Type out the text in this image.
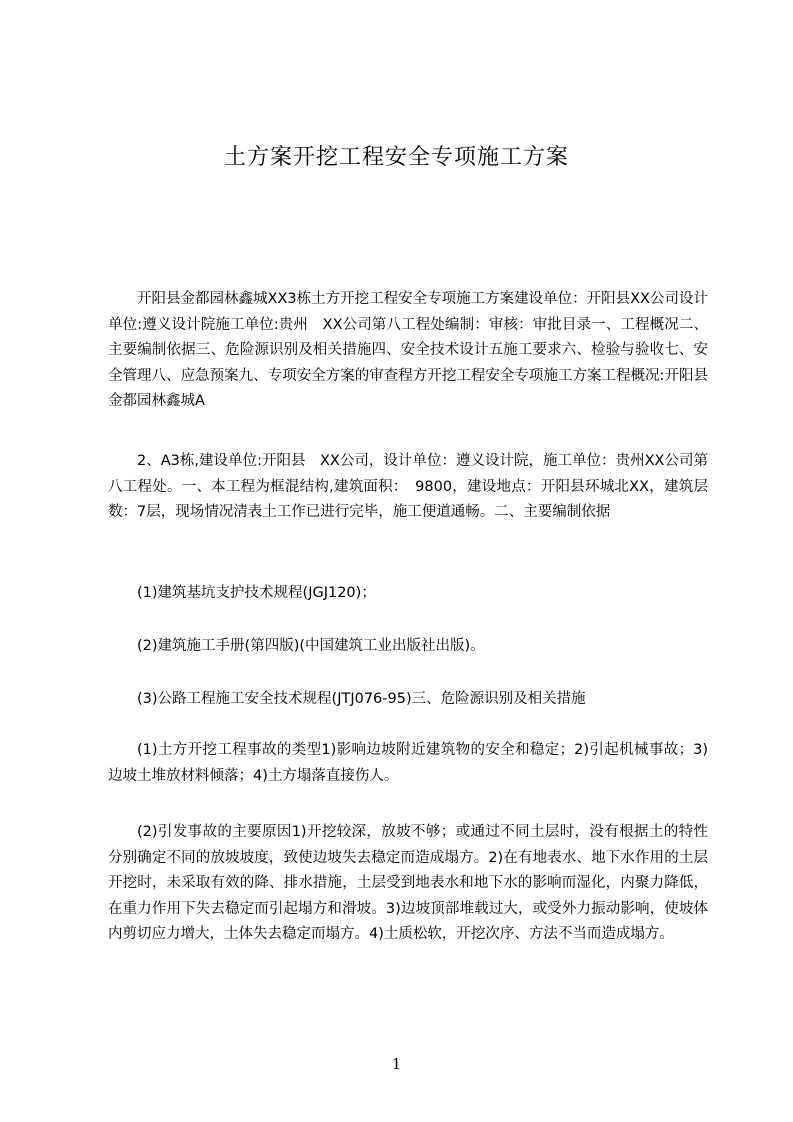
土方案开挖工程安全专项施工方案

开阳县金都园林鑫城XX3栋土方开挖工程安全专项施工方案建设单位：开阳县XX公司设计单位:遵义设计院施工单位:贵州　XX公司第八工程处编制：审核：审批目录一、工程概况二、主要编制依据三、危险源识别及相关措施四、安全技术设计五施工要求六、检验与验收七、安全管理八、应急预案九、专项安全方案的审查程方开挖工程安全专项施工方案工程概况:开阳县金都园林鑫城A

2、A3栋,建设单位:开阳县　XX公司，设计单位：遵义设计院，施工单位：贵州XX公司第八工程处。一、本工程为框混结构,建筑面积：　9800，建设地点：开阳县环城北XX，建筑层数：7层，现场情况清表土工作已进行完毕，施工便道通畅。二、主要编制依据

(1)建筑基坑支护技术规程(JGJ120)；

(2)建筑施工手册(第四版)(中国建筑工业出版社出版)。

(3)公路工程施工安全技术规程(JTJ076-95)三、危险源识别及相关措施

(1)土方开挖工程事故的类型1)影响边坡附近建筑物的安全和稳定；2)引起机械事故；3)边坡土堆放材料倾落；4)土方塌落直接伤人。

(2)引发事故的主要原因1)开挖较深，放坡不够；或通过不同土层时，没有根据土的特性分别确定不同的放坡坡度，致使边坡失去稳定而造成塌方。2)在有地表水、地下水作用的土层开挖时，未采取有效的降、排水措施，土层受到地表水和地下水的影响而湿化，内聚力降低，在重力作用下失去稳定而引起塌方和滑坡。3)边坡顶部堆载过大，或受外力振动影响，使坡体内剪切应力增大，土体失去稳定而塌方。4)土质松软，开挖次序、方法不当而造成塌方。

1
